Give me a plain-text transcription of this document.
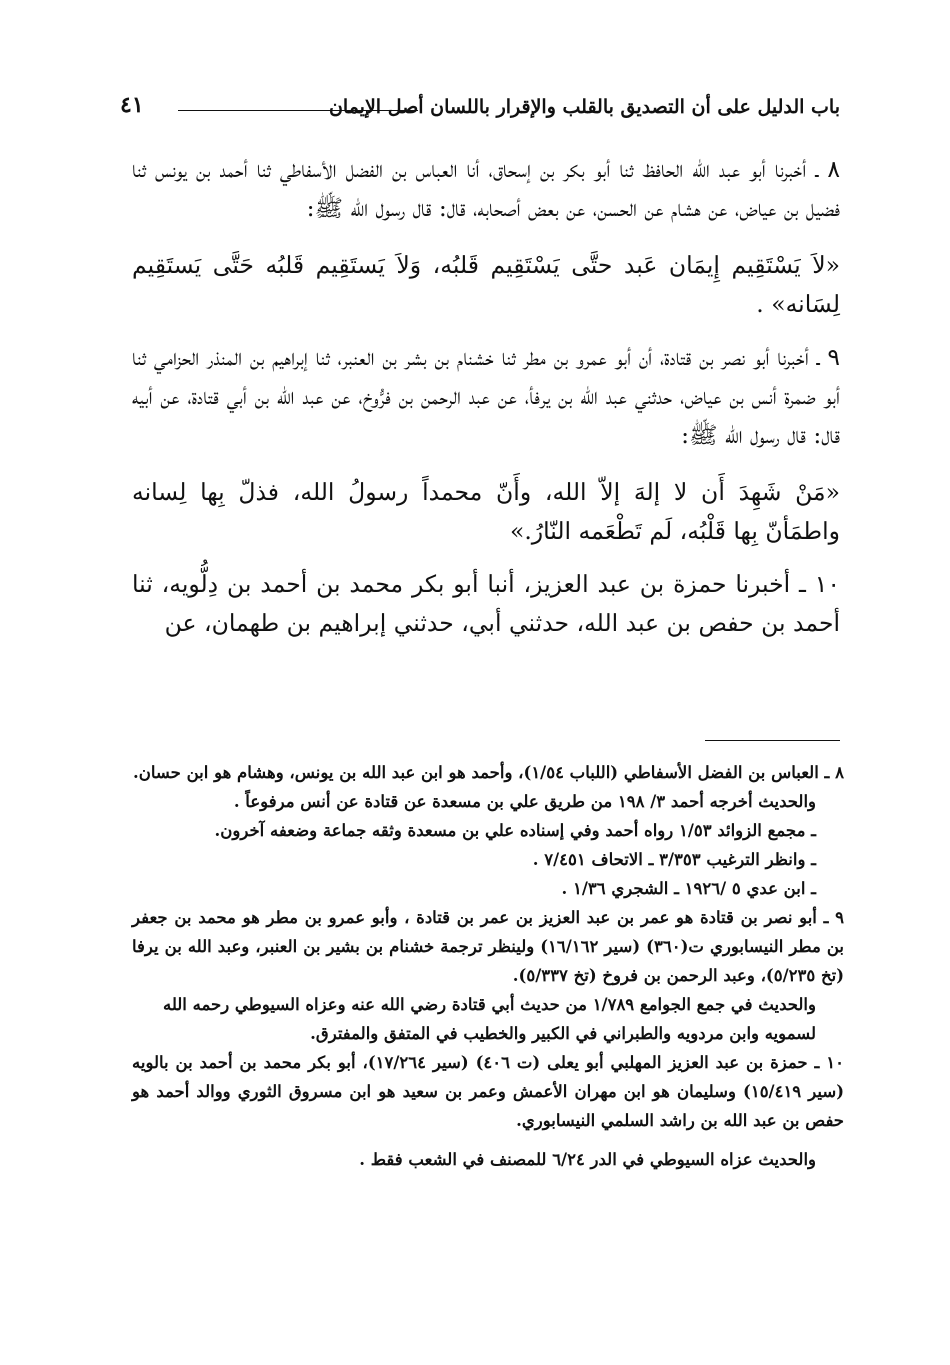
باب الدليل على أن التصديق بالقلب والإقرار باللسان أصل الإيمان
٤١

٨ ـ أخبرنا أبو عبد الله الحافظ ثنا أبو بكر بن إسحاق، أنا العباس بن الفضل الأسفاطي ثنا أحمد بن يونس ثنا فضيل بن عياض، عن هشام عن الحسن، عن بعض أصحابه، قال: قال رسول الله ﷺ:

«لاَ يَسْتَقِيم إِيمَان عَبد حتَّى يَسْتَقِيم قَلبُه، وَلاَ يَستَقِيم قَلبُه حَتَّى يَستَقِيم لِسَانه» .

٩ ـ أخبرنا أبو نصر بن قتادة، أن أبو عمرو بن مطر ثنا خشنام بن بشر بن العنبر، ثنا إبراهيم بن المنذر الحزامي ثنا أبو ضمرة أنس بن عياض، حدثني عبد الله بن يرفأ، عن عبد الرحمن بن فرُّوخ، عن عبد الله بن أبي قتادة، عن أبيه قال: قال رسول الله ﷺ:

«مَنْ شَهِدَ أَن لا إلهَ إلاّ الله، وأَنّ محمداً رسولُ الله، فذلّ بِها لِسانه واطمَأنّ بِها قَلْبُه، لَم تَطْعَمه النّارُ.»

١٠ ـ أخبرنا حمزة بن عبد العزيز، أنبا أبو بكر محمد بن أحمد بن دِلُّويه، ثنا أحمد بن حفص بن عبد الله، حدثني أبي، حدثني إبراهيم بن طهمان، عن

٨ ـ العباس بن الفضل الأسفاطي (اللباب ١/٥٤)، وأحمد هو ابن عبد الله بن يونس، وهشام هو ابن حسان.

والحديث أخرجه أحمد ٣/ ١٩٨ من طريق علي بن مسعدة عن قتادة عن أنس مرفوعاً .

ـ مجمع الزوائد ١/٥٣ رواه أحمد وفي إسناده علي بن مسعدة وثقه جماعة وضعفه آخرون.

ـ وانظر الترغيب ٣/٣٥٣ ـ الاتحاف ٧/٤٥١ .

ـ ابن عدي ٥ /١٩٢٦ ـ الشجري ١/٣٦ .

٩ ـ أبو نصر بن قتادة هو عمر بن عبد العزيز بن عمر بن قتادة ، وأبو عمرو بن مطر هو محمد بن جعفر بن مطر النيسابوري ت(٣٦٠) (سير ١٦/١٦٢) ولينظر ترجمة خشنام بن بشير بن العنبر، وعبد الله بن يرفا (تخ ٥/٢٣٥)، وعبد الرحمن بن فروخ (تخ ٥/٣٣٧).

والحديث في جمع الجوامع ١/٧٨٩ من حديث أبي قتادة رضي الله عنه وعزاه السيوطي رحمه الله لسمويه وابن مردويه والطبراني في الكبير والخطيب في المتفق والمفترق.

١٠ ـ حمزة بن عبد العزيز المهلبي أبو يعلى (ت ٤٠٦) (سير ١٧/٢٦٤)، أبو بكر محمد بن أحمد بن بالويه (سير ١٥/٤١٩) وسليمان هو ابن مهران الأعمش وعمر بن سعيد هو ابن مسروق الثوري ووالد أحمد هو حفص بن عبد الله بن راشد السلمي النيسابوري.

والحديث عزاه السيوطي في الدر ٦/٢٤ للمصنف في الشعب فقط .
